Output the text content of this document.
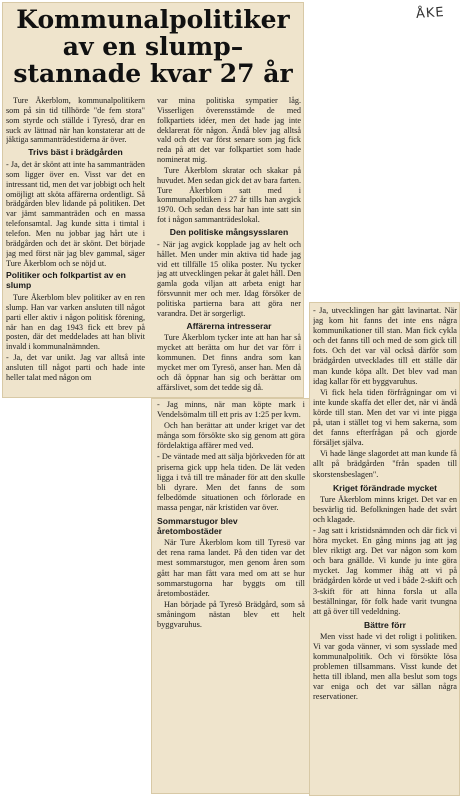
ÅKE
Kommunalpolitiker av en slump–stannade kvar 27 år

Ture Åkerblom, kommunalpolitikern som på sin tid tillhörde "de fem stora" som styrde och ställde i Tyresö, drar en suck av lättnad när han konstaterar att de jäktiga sammanträdestiderna är över.

Trivs bäst i brädgården

- Ja, det är skönt att inte ha sammanträden som ligger över en. Visst var det en intressant tid, men det var jobbigt och helt omöjligt att sköta affärerna ordentligt. Så brädgården blev lidande på politiken. Det var jämt sammanträden och en massa telefonsamtal. Jag kunde sitta i timtal i telefon. Men nu jobbar jag hårt ute i brädgården och det är skönt. Det började jag med först när jag blev gammal, säger Ture Åkerblom och se nöjd ut.

Politiker och folkpartist av en slump

Ture Åkerblom blev politiker av en ren slump. Han var varken ansluten till något parti eller aktiv i någon politisk förening, när han en dag 1943 fick ett brev på posten, där det meddelades att han blivit invald i kommunalnämnden.

- Ja, det var unikt. Jag var alltså inte ansluten till något parti och hade inte heller talat med någon om

var mina politiska sympatier låg. Visserligen överensstämde de med folkpartiets idéer, men det hade jag inte deklarerat för någon. Ändå blev jag alltså vald och det var först senare som jag fick reda på att det var folkpartiet som hade nominerat mig.

Ture Åkerblom skratar och skakar på huvudet. Men sedan gick det av bara farten. Ture Åkerblom satt med i kommunalpolitiken i 27 år tills han avgick 1970. Och sedan dess har han inte satt sin fot i någon sammanträdeslokal.

Den politiske mångsysslaren

- När jag avgick kopplade jag av helt och hållet. Men under min aktiva tid hade jag vid ett tillfälle 15 olika poster. Nu tycker jag att utvecklingen pekar åt galet håll. Den gamla goda viljan att arbeta enigt har försvunnit mer och mer. Idag försöker de politiska partierna bara att göra ner varandra. Det är sorgerligt.

Affärerna intresserar

Ture Åkerblom tycker inte att han har så mycket att berätta om hur det var förr i kommunen. Det finns andra som kan mycket mer om Tyresö, anser han. Men då och då öppnar han sig och berättar om affärslivet, som det tedde sig då.

- Jag minns, när man köpte mark i Vendelsömalm till ett pris av 1:25 per kvm.

Och han berättar att under kriget var det många som försökte sko sig genom att göra fördelaktiga affärer med ved.

- De väntade med att sälja björkveden för att priserna gick upp hela tiden. De lät veden ligga i två till tre månader för att den skulle bli dyrare. Men det fanns de som felbedömde situationen och förlorade en massa pengar, när kristiden var över.

Sommarstugor blev åretombostäder

När Ture Åkerblom kom till Tyresö var det rena rama landet. På den tiden var det mest sommarstugor, men genom åren som gått har man fått vara med om att se hur sommarstugorna har byggts om till åretombostäder.

Han började på Tyresö Brädgård, som så småningom nästan blev ett helt byggvaruhus.

- Ja, utvecklingen har gått lavinartat. När jag kom hit fanns det inte ens några kommunikationer till stan. Man fick cykla och det fanns till och med de som gick till fots. Och det var väl också därför som brädgården utvecklades till ett ställe där man kunde köpa allt. Det blev vad man idag kallar för ett byggvaruhus.

Vi fick hela tiden förfrågningar om vi inte kunde skaffa det eller det, när vi ändå körde till stan. Men det var vi inte pigga på, utan i stället tog vi hem sakerna, som det fanns efterfrågan på och gjorde försäljet själva.

Vi hade länge slagordet att man kunde få allt på brädgården "från spaden till skorstensbeslagen".

Kriget förändrade mycket

Ture Åkerblom minns kriget. Det var en besvärlig tid. Befolkningen hade det svårt och klagade.

- Jag satt i kristidsnämnden och där fick vi höra mycket. En gång minns jag att jag blev riktigt arg. Det var någon som kom och bara gnällde. Vi kunde ju inte göra mycket. Jag kommer ihåg att vi på brädgården körde ut ved i både 2-skift och 3-skift för att hinna forsla ut alla beställningar, för folk hade varit tvungna att gå över till vedeldning.

Bättre förr

Men visst hade vi det roligt i politiken. Vi var goda vänner, vi som sysslade med kommunalpolitik. Och vi försökte lösa problemen tillsammans. Visst kunde det hetta till ibland, men alla beslut som togs var eniga och det var sällan några reservationer.
